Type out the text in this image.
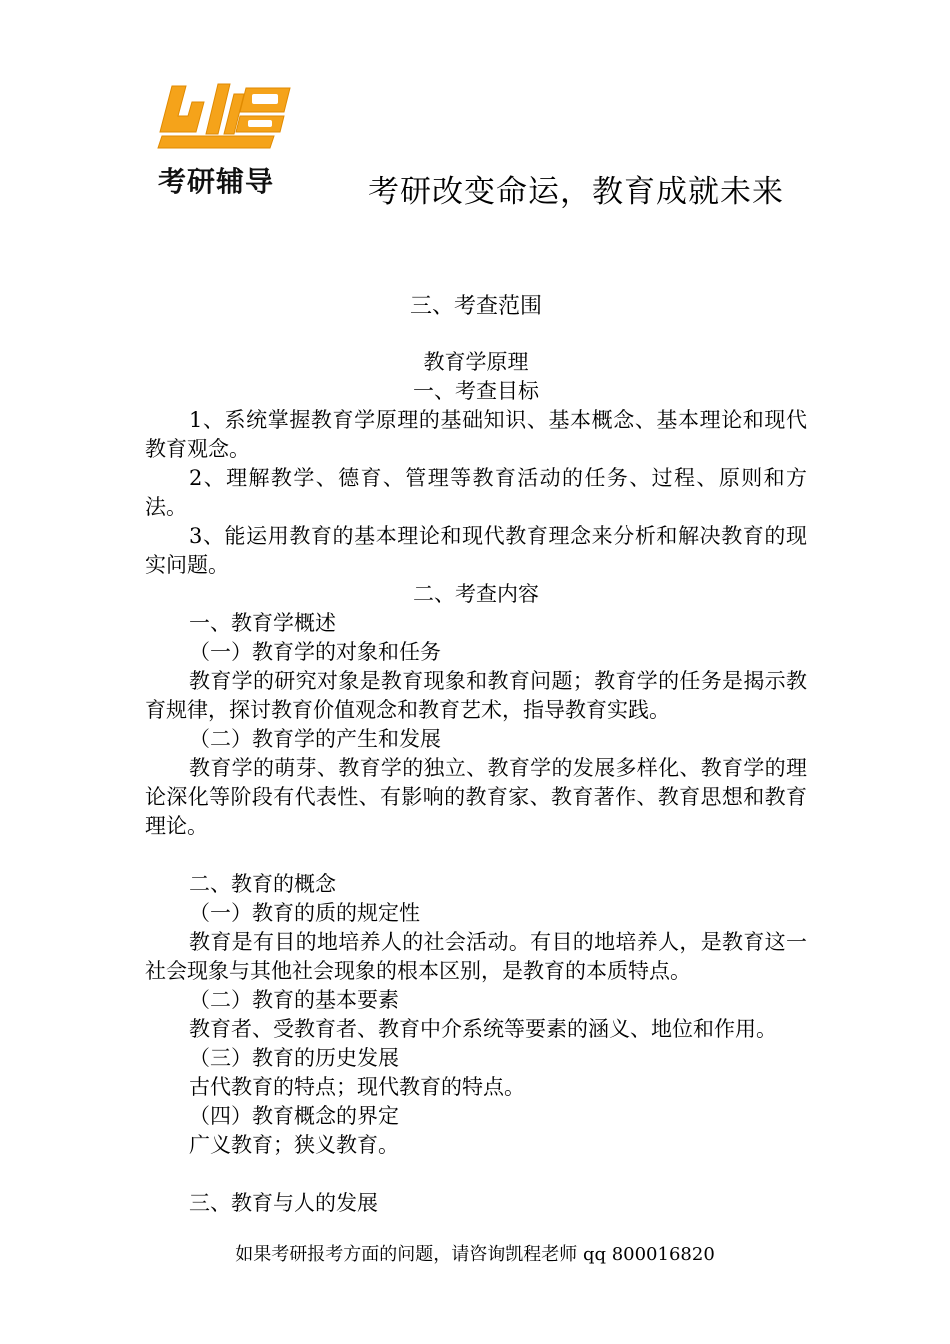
考研辅导	考研改变命运，教育成就未来

三、考查范围

教育学原理

一、考查目标

1、系统掌握教育学原理的基础知识、基本概念、基本理论和现代教育观念。

2、理解教学、德育、管理等教育活动的任务、过程、原则和方法。

3、能运用教育的基本理论和现代教育理念来分析和解决教育的现实问题。

二、考查内容

一、教育学概述

（一）教育学的对象和任务

教育学的研究对象是教育现象和教育问题；教育学的任务是揭示教育规律，探讨教育价值观念和教育艺术，指导教育实践。

（二）教育学的产生和发展

教育学的萌芽、教育学的独立、教育学的发展多样化、教育学的理论深化等阶段有代表性、有影响的教育家、教育著作、教育思想和教育理论。

二、教育的概念

（一）教育的质的规定性

教育是有目的地培养人的社会活动。有目的地培养人，是教育这一社会现象与其他社会现象的根本区别，是教育的本质特点。

（二）教育的基本要素

教育者、受教育者、教育中介系统等要素的涵义、地位和作用。

（三）教育的历史发展

古代教育的特点；现代教育的特点。

（四）教育概念的界定

广义教育；狭义教育。

三、教育与人的发展

如果考研报考方面的问题，请咨询凯程老师 qq 800016820
